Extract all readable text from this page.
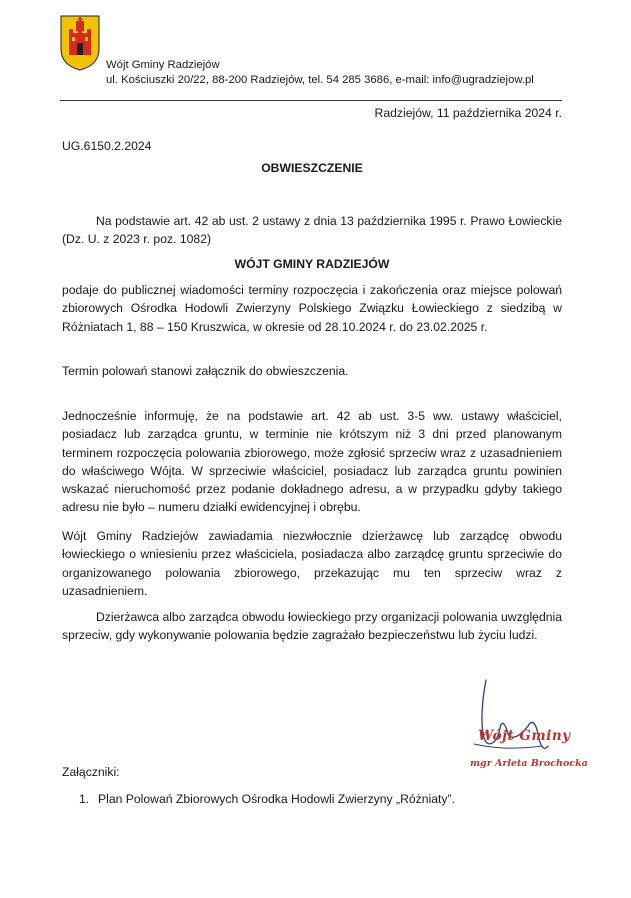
Wójt Gminy Radziejów
ul. Kościuszki 20/22, 88-200 Radziejów, tel. 54 285 3686, e-mail: info@ugradziejow.pl
Radziejów, 11 października 2024 r.
UG.6150.2.2024
OBWIESZCZENIE
Na podstawie art. 42 ab ust. 2 ustawy z dnia 13 października 1995 r. Prawo Łowieckie (Dz. U. z 2023 r. poz. 1082)
WÓJT GMINY RADZIEJÓW
podaje do publicznej wiadomości terminy rozpoczęcia i zakończenia oraz miejsce polowań zbiorowych Ośrodka Hodowli Zwierzyny Polskiego Związku Łowieckiego z siedzibą w Różniatach 1, 88 – 150 Kruszwica, w okresie od 28.10.2024 r. do 23.02.2025 r.
Termin polowań stanowi załącznik do obwieszczenia.
Jednocześnie informuję, że na podstawie art. 42 ab ust. 3-5 ww. ustawy właściciel, posiadacz lub zarządca gruntu, w terminie nie krótszym niż 3 dni przed planowanym terminem rozpoczęcia polowania zbiorowego, może zgłosić sprzeciw wraz z uzasadnieniem do właściwego Wójta. W sprzeciwie właściciel, posiadacz lub zarządca gruntu powinien wskazać nieruchomość przez podanie dokładnego adresu, a w przypadku gdyby takiego adresu nie było – numeru działki ewidencyjnej i obrębu.
Wójt Gminy Radziejów zawiadamia niezwłocznie dzierżawcę lub zarządcę obwodu łowieckiego o wniesieniu przez właściciela, posiadacza albo zarządcę gruntu sprzeciwie do organizowanego polowania zbiorowego, przekazując mu ten sprzeciw wraz z uzasadnieniem.
Dzierżawca albo zarządca obwodu łowieckiego przy organizacji polowania uwzględnia sprzeciw, gdy wykonywanie polowania będzie zagrażało bezpieczeństwu lub życiu ludzi.
Wójt Gminy
mgr Arleta Brochocka
Załączniki:
1. Plan Polowań Zbiorowych Ośrodka Hodowli Zwierzyny „Różniaty”.
